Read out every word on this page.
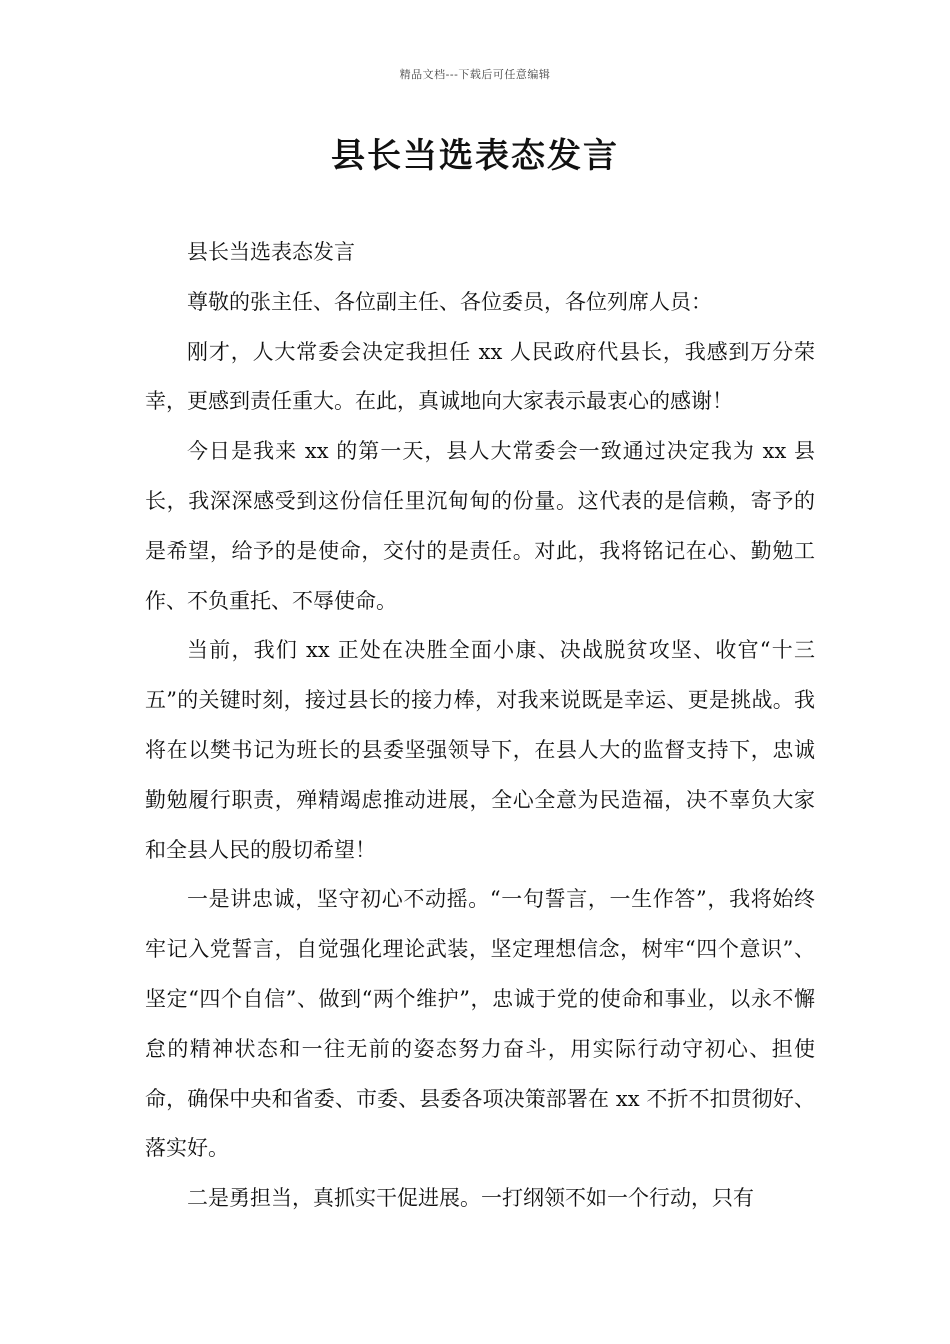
精品文档---下载后可任意编辑
县长当选表态发言

县长当选表态发言

尊敬的张主任、各位副主任、各位委员，各位列席人员：

刚才，人大常委会决定我担任 xx 人民政府代县长，我感到万分荣幸，更感到责任重大。在此，真诚地向大家表示最衷心的感谢！

今日是我来 xx 的第一天，县人大常委会一致通过决定我为 xx 县长，我深深感受到这份信任里沉甸甸的份量。这代表的是信赖，寄予的是希望，给予的是使命，交付的是责任。对此，我将铭记在心、勤勉工作、不负重托、不辱使命。

当前，我们 xx 正处在决胜全面小康、决战脱贫攻坚、收官“十三五”的关键时刻，接过县长的接力棒，对我来说既是幸运、更是挑战。我将在以樊书记为班长的县委坚强领导下，在县人大的监督支持下，忠诚勤勉履行职责，殚精竭虑推动进展，全心全意为民造福，决不辜负大家和全县人民的殷切希望！

一是讲忠诚，坚守初心不动摇。“一句誓言，一生作答”，我将始终牢记入党誓言，自觉强化理论武装，坚定理想信念，树牢“四个意识”、坚定“四个自信”、做到“两个维护”，忠诚于党的使命和事业，以永不懈怠的精神状态和一往无前的姿态努力奋斗，用实际行动守初心、担使命，确保中央和省委、市委、县委各项决策部署在 xx 不折不扣贯彻好、落实好。

二是勇担当，真抓实干促进展。一打纲领不如一个行动，只有
